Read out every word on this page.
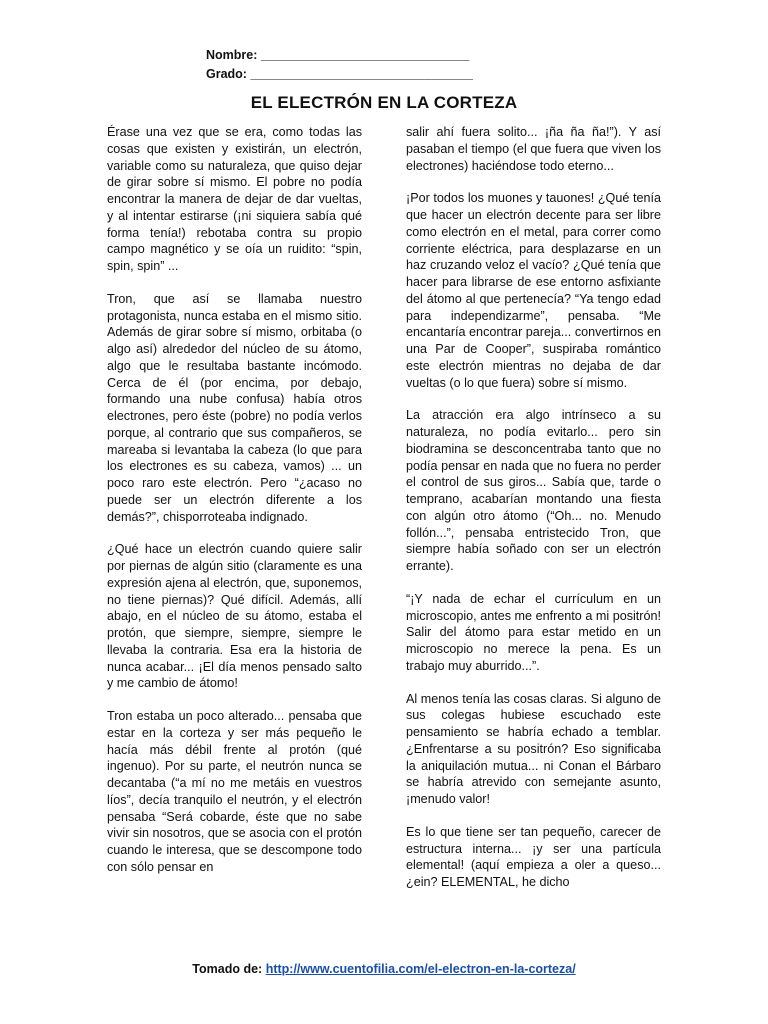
Nombre: ______________________________
Grado: ________________________________
EL ELECTRÓN EN LA CORTEZA

Érase una vez que se era, como todas las cosas que existen y existirán, un electrón, variable como su naturaleza, que quiso dejar de girar sobre sí mismo. El pobre no podía encontrar la manera de dejar de dar vueltas, y al intentar estirarse (¡ni siquiera sabía qué forma tenía!) rebotaba contra su propio campo magnético y se oía un ruidito: “spin, spin, spin” ...

Tron, que así se llamaba nuestro protagonista, nunca estaba en el mismo sitio. Además de girar sobre sí mismo, orbitaba (o algo así) alrededor del núcleo de su átomo, algo que le resultaba bastante incómodo. Cerca de él (por encima, por debajo, formando una nube confusa) había otros electrones, pero éste (pobre) no podía verlos porque, al contrario que sus compañeros, se mareaba si levantaba la cabeza (lo que para los electrones es su cabeza, vamos) ... un poco raro este electrón. Pero “¿acaso no puede ser un electrón diferente a los demás?”, chisporroteaba indignado.

¿Qué hace un electrón cuando quiere salir por piernas de algún sitio (claramente es una expresión ajena al electrón, que, suponemos, no tiene piernas)? Qué difícil. Además, allí abajo, en el núcleo de su átomo, estaba el protón, que siempre, siempre, siempre le llevaba la contraria. Esa era la historia de nunca acabar... ¡El día menos pensado salto y me cambio de átomo!

Tron estaba un poco alterado... pensaba que estar en la corteza y ser más pequeño le hacía más débil frente al protón (qué ingenuo). Por su parte, el neutrón nunca se decantaba (“a mí no me metáis en vuestros líos”, decía tranquilo el neutrón, y el electrón pensaba “Será cobarde, éste que no sabe vivir sin nosotros, que se asocia con el protón cuando le interesa, que se descompone todo con sólo pensar en

salir ahí fuera solito... ¡ña ña ña!”). Y así pasaban el tiempo (el que fuera que viven los electrones) haciéndose todo eterno...

¡Por todos los muones y tauones! ¿Qué tenía que hacer un electrón decente para ser libre como electrón en el metal, para correr como corriente eléctrica, para desplazarse en un haz cruzando veloz el vacío? ¿Qué tenía que hacer para librarse de ese entorno asfixiante del átomo al que pertenecía? “Ya tengo edad para independizarme”, pensaba. “Me encantaría encontrar pareja... convertirnos en una Par de Cooper”, suspiraba romántico este electrón mientras no dejaba de dar vueltas (o lo que fuera) sobre sí mismo.

La atracción era algo intrínseco a su naturaleza, no podía evitarlo... pero sin biodramina se desconcentraba tanto que no podía pensar en nada que no fuera no perder el control de sus giros... Sabía que, tarde o temprano, acabarían montando una fiesta con algún otro átomo (“Oh... no. Menudo follón...”, pensaba entristecido Tron, que siempre había soñado con ser un electrón errante).

“¡Y nada de echar el currículum en un microscopio, antes me enfrento a mi positrón! Salir del átomo para estar metido en un microscopio no merece la pena. Es un trabajo muy aburrido...”.

Al menos tenía las cosas claras. Si alguno de sus colegas hubiese escuchado este pensamiento se habría echado a temblar. ¿Enfrentarse a su positrón? Eso significaba la aniquilación mutua... ni Conan el Bárbaro se habría atrevido con semejante asunto, ¡menudo valor!

Es lo que tiene ser tan pequeño, carecer de estructura interna... ¡y ser una partícula elemental! (aquí empieza a oler a queso... ¿ein? ELEMENTAL, he dicho

Tomado de: http://www.cuentofilia.com/el-electron-en-la-corteza/
